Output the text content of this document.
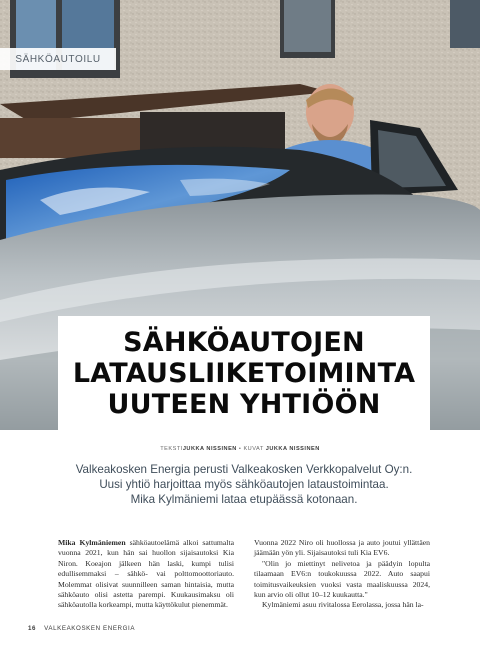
SÄHKÖAUTOILU
SÄHKÖAUTOJEN
LATAUSLIIKETOIMINTA
UUTEEN YHTIÖÖN
TEKSTIJUKKA NISSINEN • KUVAT JUKKA NISSINEN
Valkeakosken Energia perusti Valkeakosken Verkkopalvelut Oy:n.
Uusi yhtiö harjoittaa myös sähköautojen lataustoimintaa.
Mika Kylmäniemi lataa etupäässä kotonaan.

Mika Kylmäniemen sähköautoelämä alkoi sattumalta vuonna 2021, kun hän sai huollon sijaisautoksi Kia Niron. Koeajon jälkeen hän laski, kumpi tulisi edullisemmaksi – sähkö- vai polttomoottoriauto. Molemmat olisivat suunnilleen saman hintaisia, mutta sähköauto olisi astetta parempi. Kuukausimaksu oli sähköautolla korkeampi, mutta käyttökulut pienemmät.

Vuonna 2022 Niro oli huollossa ja auto joutui yllättäen jäämään yön yli. Sijaisautoksi tuli Kia EV6.

"Olin jo miettinyt nelivetoa ja päädyin lopulta tilaamaan EV6:n toukokuussa 2022. Auto saapui toimitusvaikeuksien vuoksi vasta maaliskuussa 2024, kun arvio oli ollut 10–12 kuukautta."

Kylmäniemi asuu rivitalossa Eerolassa, jossa hän la-

16 VALKEAKOSKEN ENERGIA
